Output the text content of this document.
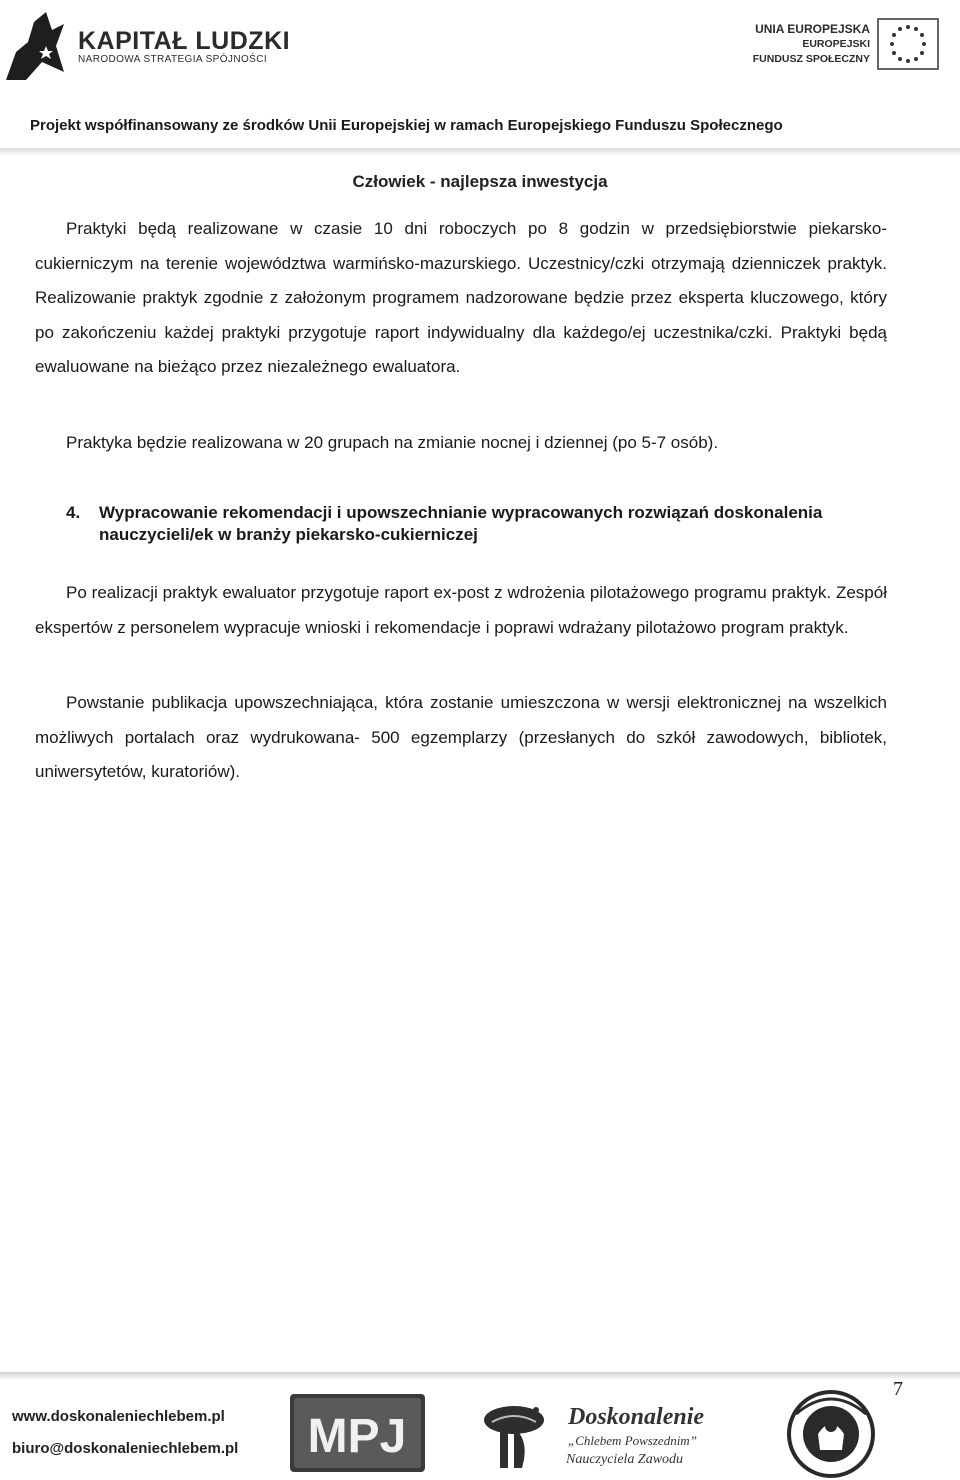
KAPITAŁ LUDZKI
NARODOWA STRATEGIA SPÓJNOŚCI
UNIA EUROPEJSKA
EUROPEJSKI
FUNDUSZ SPOŁECZNY
Projekt współfinansowany ze środków Unii Europejskiej w ramach Europejskiego Funduszu Społecznego
Człowiek - najlepsza inwestycja
Praktyki będą realizowane w czasie 10 dni roboczych po 8 godzin w przedsiębiorstwie piekarsko-cukierniczym na terenie województwa warmińsko-mazurskiego. Uczestnicy/czki otrzymają dzienniczek praktyk. Realizowanie praktyk zgodnie z założonym programem nadzorowane będzie przez eksperta kluczowego, który po zakończeniu każdej praktyki przygotuje raport indywidualny dla każdego/ej uczestnika/czki. Praktyki będą ewaluowane na bieżąco przez niezależnego ewaluatora.
Praktyka będzie realizowana w 20 grupach na zmianie nocnej i dziennej (po 5-7 osób).
4. Wypracowanie rekomendacji i upowszechnianie wypracowanych rozwiązań doskonalenia nauczycieli/ek w branży piekarsko-cukierniczej
Po realizacji praktyk ewaluator przygotuje raport ex-post z wdrożenia pilotażowego programu praktyk. Zespół ekspertów z personelem wypracuje wnioski i rekomendacje i poprawi wdrażany pilotażowo program praktyk.
Powstanie publikacja upowszechniająca, która zostanie umieszczona w wersji elektronicznej na wszelkich możliwych portalach oraz wydrukowana- 500 egzemplarzy (przesłanych do szkół zawodowych, bibliotek, uniwersytetów, kuratoriów).
7
www.doskonaleniechlebem.pl
biuro@doskonaleniechlebem.pl MPJ	Doskonalenie
„Chlebem Powszednim”
Nauczyciela Zawodu
